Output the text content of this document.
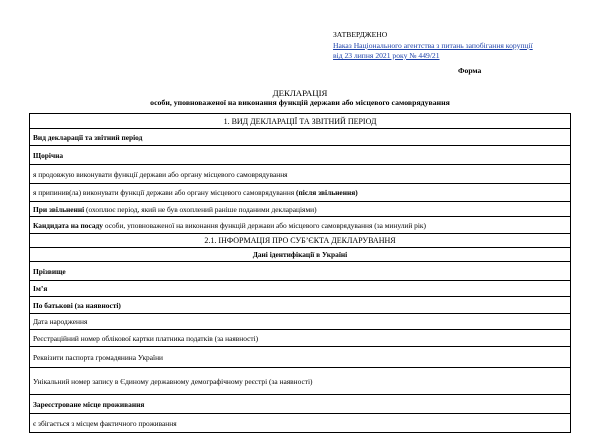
ЗАТВЕРДЖЕНО
Наказ Національного агентства з питань запобігання корупції
від 23 липня 2021 року № 449/21
Форма
ДЕКЛАРАЦІЯ
особи, уповноваженої на виконання функцій держави або місцевого самоврядування
1. ВИД ДЕКЛАРАЦІЇ ТА ЗВІТНИЙ ПЕРІОД
Вид декларації та звітний період
Щорічна
я продовжую виконувати функції держави або органу місцевого самоврядування
я припинив(ла) виконувати функції держави або органу місцевого самоврядування (після звільнення)
При звільненні (охоплює період, який не був охоплений раніше поданими деклараціями)
Кандидата на посаду особи, уповноваженої на виконання функцій держави або місцевого самоврядування (за минулий рік)
2.1. ІНФОРМАЦІЯ ПРО СУБ’ЄКТА ДЕКЛАРУВАННЯ
Дані ідентифікації в Україні
Прізвище
Ім’я
По батькові (за наявності)
Дата народження
Реєстраційний номер облікової картки платника податків (за наявності)
Реквізити паспорта громадянина України
Унікальний номер запису в Єдиному державному демографічному реєстрі (за наявності)
Зареєстроване місце проживання
є збігається з місцем фактичного проживання
